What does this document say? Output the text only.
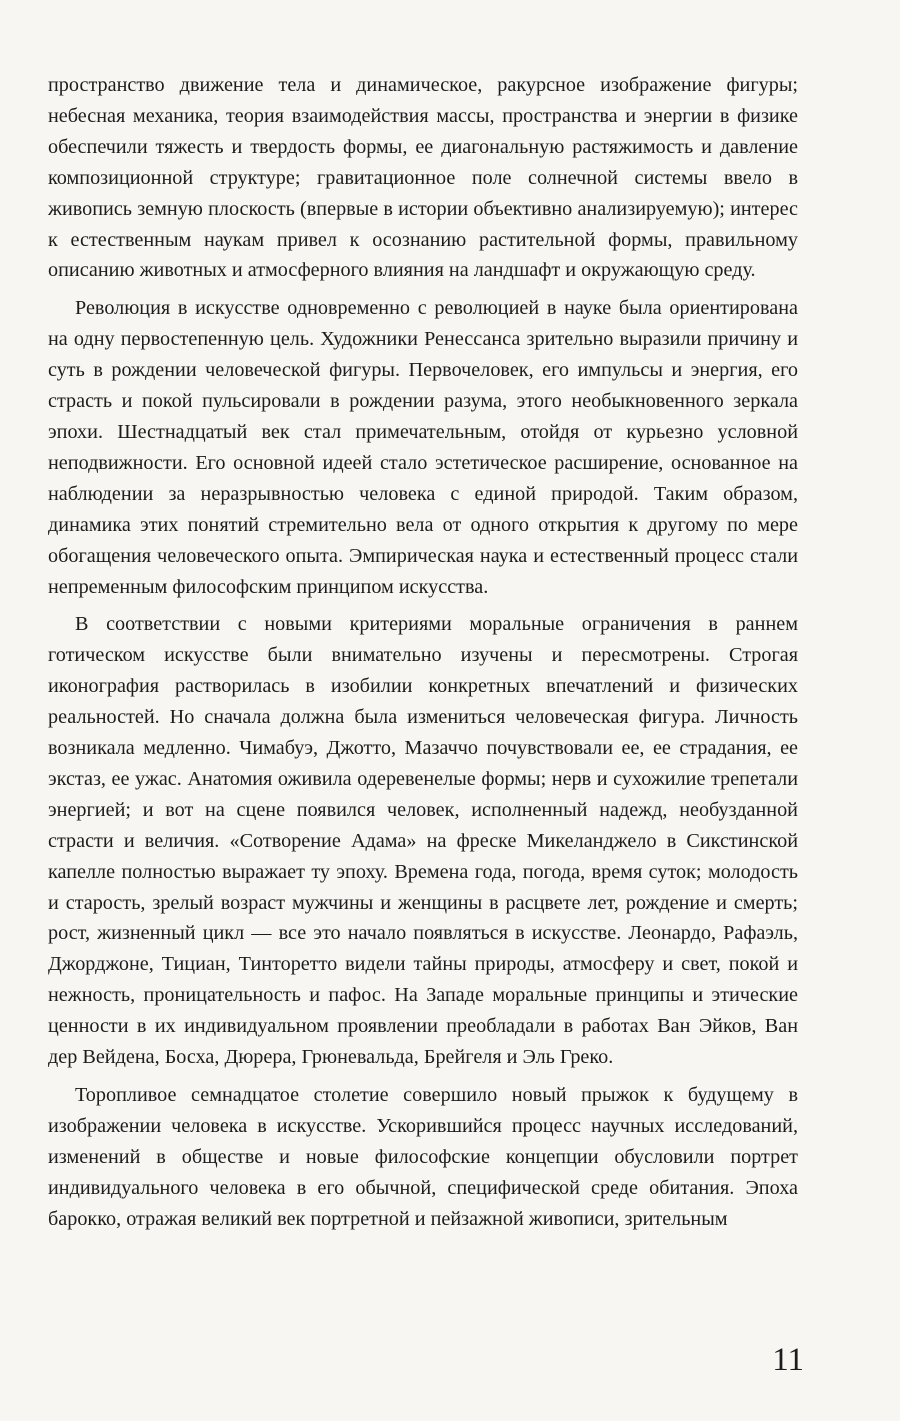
пространство движение тела и динамическое, ракурсное изображение фигуры; небесная механика, теория взаимодействия массы, пространства и энергии в физике обеспечили тяжесть и твердость формы, ее диагональную растяжимость и давление композиционной структуре; гравитационное поле солнечной системы ввело в живопись земную плоскость (впервые в истории объективно анализируемую); интерес к естественным наукам привел к осознанию растительной формы, правильному описанию животных и атмосферного влияния на ландшафт и окружающую среду.

Революция в искусстве одновременно с революцией в науке была ориентирована на одну первостепенную цель. Художники Ренессанса зрительно выразили причину и суть в рождении человеческой фигуры. Первочеловек, его импульсы и энергия, его страсть и покой пульсировали в рождении разума, этого необыкновенного зеркала эпохи. Шестнадцатый век стал примечательным, отойдя от курьезно условной неподвижности. Его основной идеей стало эстетическое расширение, основанное на наблюдении за неразрывностью человека с единой природой. Таким образом, динамика этих понятий стремительно вела от одного открытия к другому по мере обогащения человеческого опыта. Эмпирическая наука и естественный процесс стали непременным философским принципом искусства.

В соответствии с новыми критериями моральные ограничения в раннем готическом искусстве были внимательно изучены и пересмотрены. Строгая иконография растворилась в изобилии конкретных впечатлений и физических реальностей. Но сначала должна была измениться человеческая фигура. Личность возникала медленно. Чимабуэ, Джотто, Мазаччо почувствовали ее, ее страдания, ее экстаз, ее ужас. Анатомия оживила одеревенелые формы; нерв и сухожилие трепетали энергией; и вот на сцене появился человек, исполненный надежд, необузданной страсти и величия. «Сотворение Адама» на фреске Микеланджело в Сикстинской капелле полностью выражает ту эпоху. Времена года, погода, время суток; молодость и старость, зрелый возраст мужчины и женщины в расцвете лет, рождение и смерть; рост, жизненный цикл — все это начало появляться в искусстве. Леонардо, Рафаэль, Джорджоне, Тициан, Тинторетто видели тайны природы, атмосферу и свет, покой и нежность, проницательность и пафос. На Западе моральные принципы и этические ценности в их индивидуальном проявлении преобладали в работах Ван Эйков, Ван дер Вейдена, Босха, Дюрера, Грюневальда, Брейгеля и Эль Греко.

Торопливое семнадцатое столетие совершило новый прыжок к будущему в изображении человека в искусстве. Ускорившийся процесс научных исследований, изменений в обществе и новые философские концепции обусловили портрет индивидуального человека в его обычной, специфической среде обитания. Эпоха барокко, отражая великий век портретной и пейзажной живописи, зрительным

11
